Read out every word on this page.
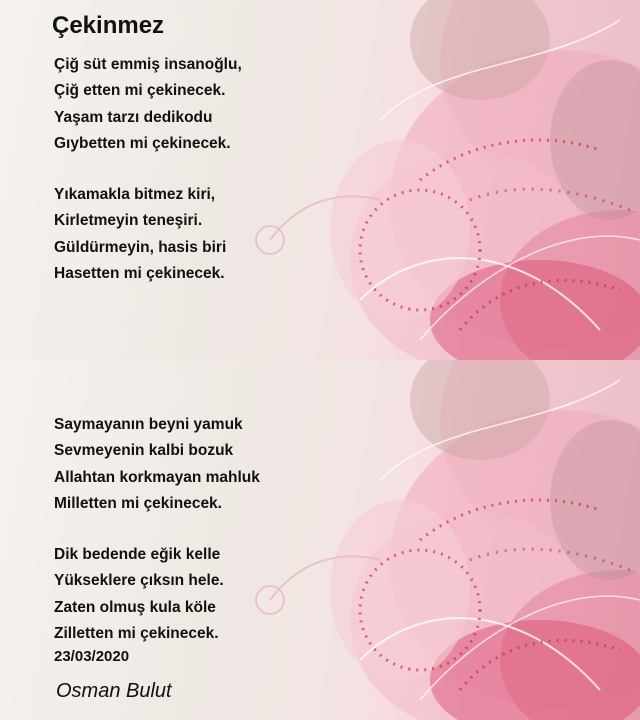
Çekinmez

Çiğ süt emmiş insanoğlu,
Çiğ etten mi çekinecek.
Yaşam tarzı dedikodu
Gıybetten mi çekinecek.

Yıkamakla bitmez kiri,
Kirletmeyin teneşiri.
Güldürmeyin, hasis biri
Hasetten mi çekinecek.

Saymayanın beyni yamuk
Sevmeyenin kalbi bozuk
Allahtan korkmayan mahluk
Milletten mi çekinecek.

Dik bedende eğik kelle
Yükseklere çıksın hele.
Zaten olmuş kula köle
Zilletten mi çekinecek.

23/03/2020
Osman Bulut
